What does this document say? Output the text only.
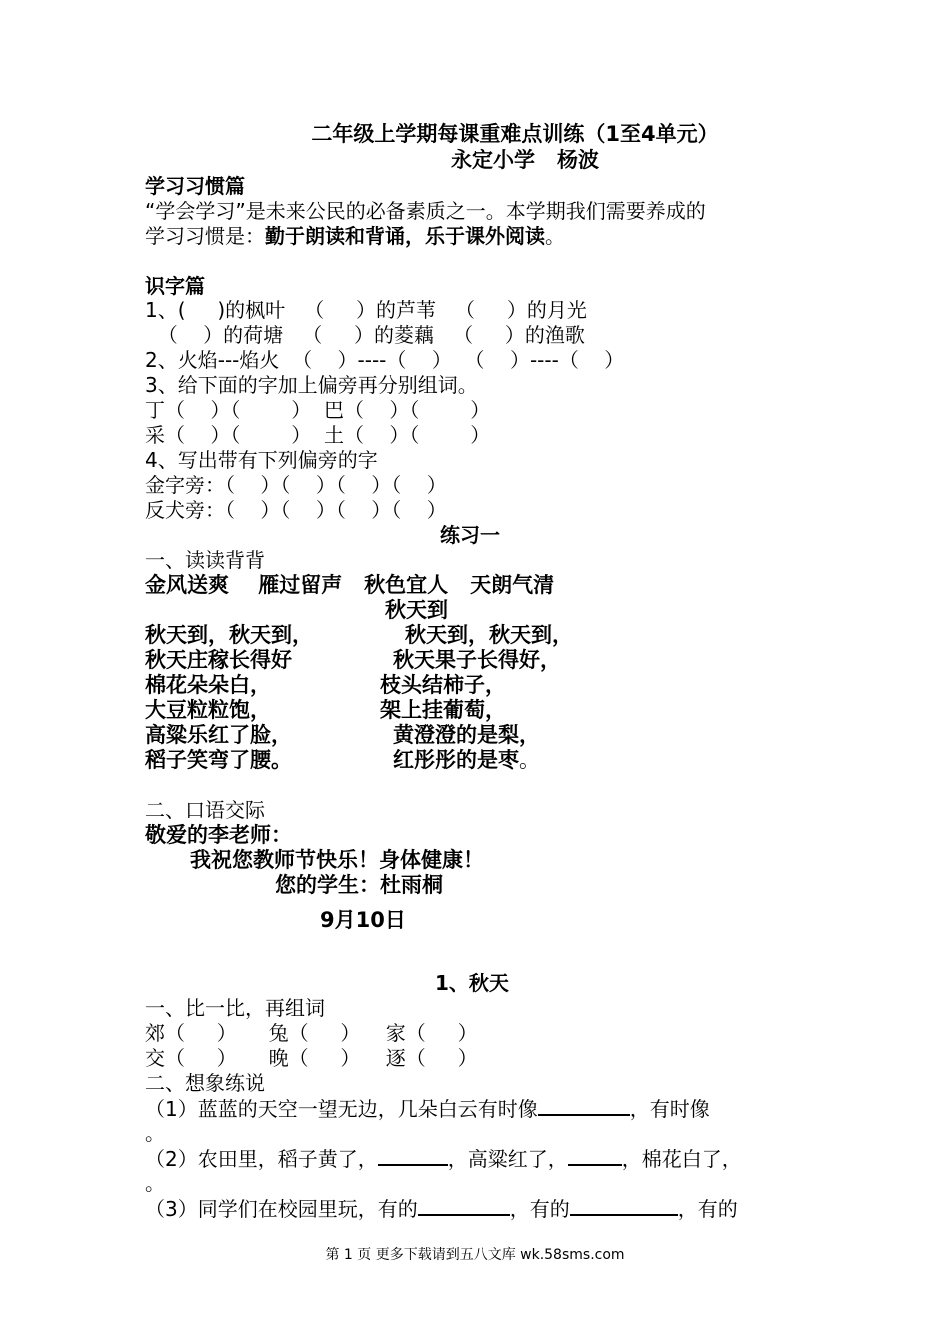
二年级上学期每课重难点训练（1至4单元）
永定小学   杨波
学习习惯篇
“学会学习”是未来公民的必备素质之一。本学期我们需要养成的
学习习惯是：勤于朗读和背诵，乐于课外阅读。
识字篇
1、(     )的枫叶   （     ）的芦苇   （     ）的月光
（    ）的荷塘   （     ）的菱藕   （     ）的渔歌
2、火焰---焰火  （    ）----（    ）  （    ）----（    ）
3、给下面的字加上偏旁再分别组词。
丁（    ）（        ）  巴（    ）（        ）
采（    ）（        ）  土（    ）（        ）
4、写出带有下列偏旁的字
金字旁：（    ）（    ）（    ）（    ）
反犬旁：（    ）（    ）（    ）（    ）
练习一
一、读读背背
金风送爽    雁过留声   秋色宜人   天朗气清
秋天到
秋天到，秋天到，	秋天到，秋天到，
秋天庄稼长得好	秋天果子长得好，
棉花朵朵白，	枝头结柿子，
大豆粒粒饱，	架上挂葡萄，
高粱乐红了脸，	黄澄澄的是梨，
稻子笑弯了腰。	红彤彤的是枣。
二、口语交际
敬爱的李老师：
我祝您教师节快乐！身体健康！
您的学生：杜雨桐
9月10日
1、秋天
一、比一比，再组词
郊（     ）     兔（     ）    家（     ）
交（     ）     晚（     ）    逐（     ）
二、想象练说
（1）蓝蓝的天空一望无边，几朵白云有时像	，有时像
。
（2）农田里，稻子黄了，	，高粱红了，	，棉花白了，
。
（3）同学们在校园里玩，有的	，有的	，有的
第 1 页 更多下载请到五八文库 wk.58sms.com
